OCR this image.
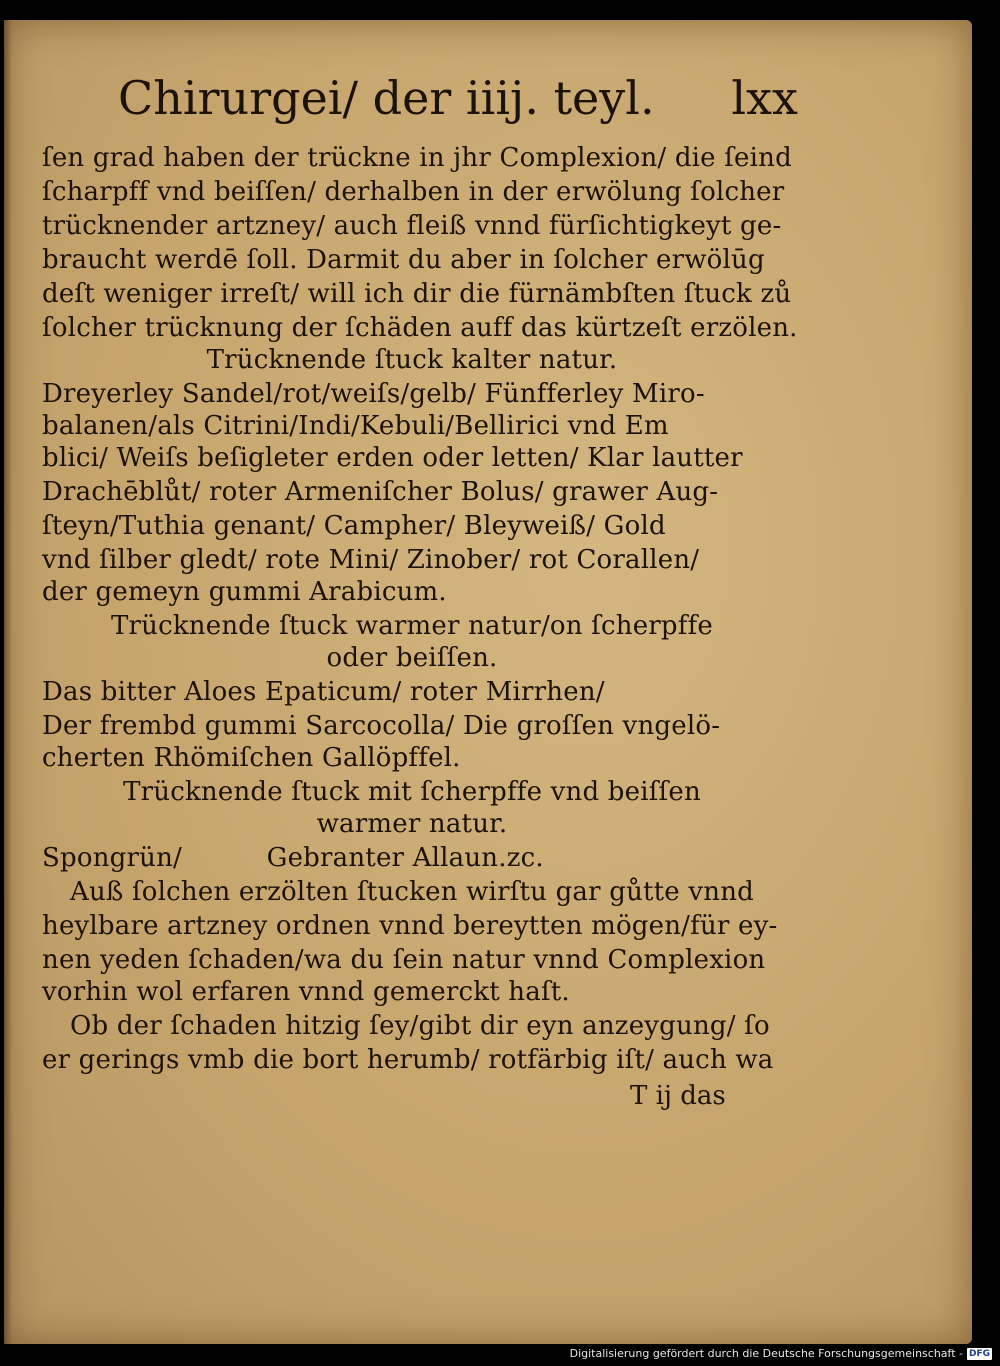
Chirurgei/ der iiij. teyl. lxx
ſen grad haben der trückne in jhr Complexion/ die ſeind
ſcharpff vnd beiſſen/ derhalben in der erwölung ſolcher
trücknender artzney/ auch fleiß vnnd fürſichtigkeyt ge-
braucht werdē ſoll. Darmit du aber in ſolcher erwölūg
deſt weniger irreſt/ will ich dir die fürnämbſten ſtuck zů
ſolcher trücknung der ſchäden auff das kürtzeſt erzölen.
Trücknende ſtuck kalter natur.
Dreyerley Sandel/rot/weiſs/gelb/ Fünfferley Miro-
balanen/als Citrini/Indi/Kebuli/Bellirici vnd Em
blici/ Weiſs beſigleter erden oder letten/ Klar lautter
Drachēblůt/ roter Armeniſcher Bolus/ grawer Aug-
ſteyn/Tuthia genant/ Campher/ Bleyweiß/ Gold
vnd ſilber gledt/ rote Mini/ Zinober/ rot Corallen/
der gemeyn gummi Arabicum.
Trücknende ſtuck warmer natur/on ſcherpffe
oder beiſſen.
Das bitter Aloes Epaticum/ roter Mirrhen/
Der frembd gummi Sarcocolla/ Die groſſen vngelö-
cherten Rhömiſchen Gallöpffel.
Trücknende ſtuck mit ſcherpffe vnd beiſſen
warmer natur.
Spongrün/          Gebranter Allaun.zc.
Auß ſolchen erzölten ſtucken wirſtu gar gůtte vnnd
heylbare artzney ordnen vnnd bereytten mögen/für ey-
nen yeden ſchaden/wa du ſein natur vnnd Complexion
vorhin wol erfaren vnnd gemerckt haſt.
Ob der ſchaden hitzig ſey/gibt dir eyn anzeygung/ ſo
er gerings vmb die bort herumb/ rotfärbig iſt/ auch wa
T ij das
Digitalisierung gefördert durch die Deutsche Forschungsgemeinschaft - DFG
